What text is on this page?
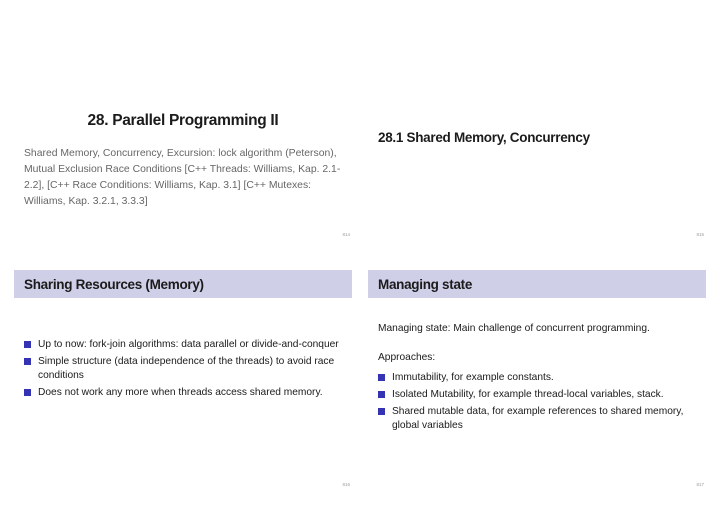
28. Parallel Programming II
Shared Memory, Concurrency, Excursion: lock algorithm (Peterson), Mutual Exclusion Race Conditions [C++ Threads: Williams, Kap. 2.1-2.2], [C++ Race Conditions: Williams, Kap. 3.1] [C++ Mutexes: Williams, Kap. 3.2.1, 3.3.3]
814
28.1 Shared Memory, Concurrency
815
Sharing Resources (Memory)
Up to now: fork-join algorithms: data parallel or divide-and-conquer
Simple structure (data independence of the threads) to avoid race conditions
Does not work any more when threads access shared memory.
816
Managing state

Managing state: Main challenge of concurrent programming.

Approaches:

Immutability, for example constants.
Isolated Mutability, for example thread-local variables, stack.
Shared mutable data, for example references to shared memory, global variables
817
